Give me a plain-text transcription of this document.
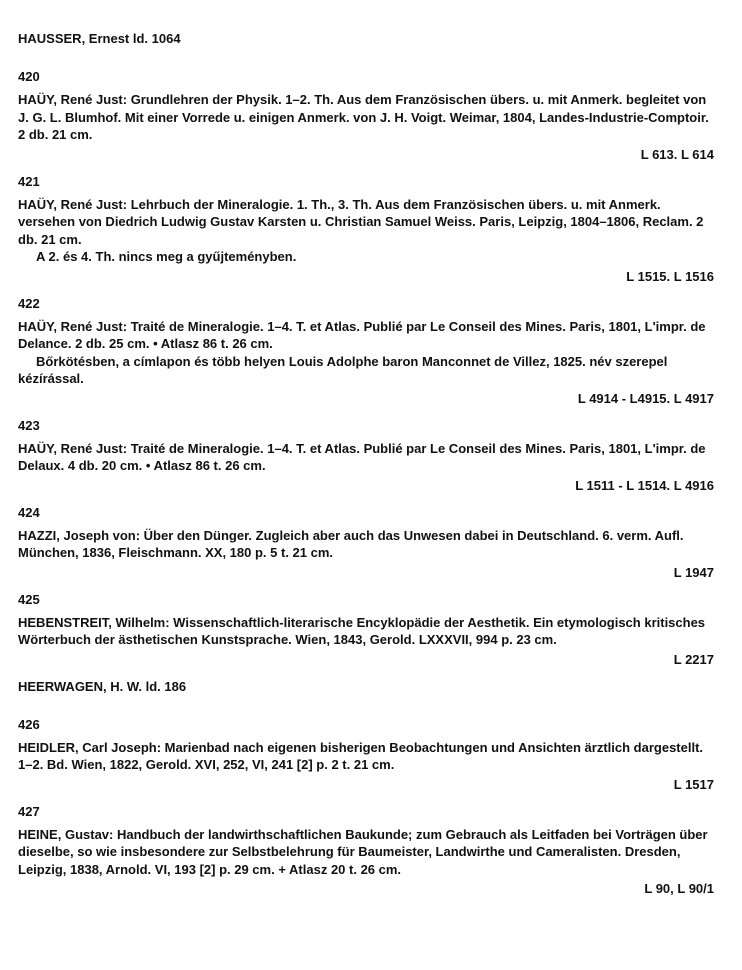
HAUSSER, Ernest ld. 1064
420
HAÜY, René Just: Grundlehren der Physik. 1–2. Th. Aus dem Französischen übers. u. mit Anmerk. begleitet von J. G. L. Blumhof. Mit einer Vorrede u. einigen Anmerk. von J. H. Voigt. Weimar, 1804, Landes-Industrie-Comptoir. 2 db. 21 cm.
L 613. L 614
421
HAÜY, René Just: Lehrbuch der Mineralogie. 1. Th., 3. Th. Aus dem Französischen übers. u. mit Anmerk. versehen von Diedrich Ludwig Gustav Karsten u. Christian Samuel Weiss. Paris, Leipzig, 1804–1806, Reclam. 2 db. 21 cm.
A 2. és 4. Th. nincs meg a gyűjteményben.
L 1515. L 1516
422
HAÜY, René Just: Traité de Mineralogie. 1–4. T. et Atlas. Publié par Le Conseil des Mines. Paris, 1801, L'impr. de Delance. 2 db. 25 cm. • Atlasz 86 t. 26 cm.
Bőrkötésben, a címlapon és több helyen Louis Adolphe baron Manconnet de Villez, 1825. név szerepel kézírással.
L 4914 - L4915. L 4917
423
HAÜY, René Just: Traité de Mineralogie. 1–4. T. et Atlas. Publié par Le Conseil des Mines. Paris, 1801, L'impr. de Delaux. 4 db. 20 cm. • Atlasz 86 t. 26 cm.
L 1511 - L 1514. L 4916
424
HAZZI, Joseph von: Über den Dünger. Zugleich aber auch das Unwesen dabei in Deutschland. 6. verm. Aufl. München, 1836, Fleischmann. XX, 180 p. 5 t. 21 cm.
L 1947
425
HEBENSTREIT, Wilhelm: Wissenschaftlich-literarische Encyklopädie der Aesthetik. Ein etymologisch kritisches Wörterbuch der ästhetischen Kunstsprache. Wien, 1843, Gerold. LXXXVII, 994 p. 23 cm.
L 2217
HEERWAGEN, H. W. ld. 186
426
HEIDLER, Carl Joseph: Marienbad nach eigenen bisherigen Beobachtungen und Ansichten ärztlich dargestellt. 1–2. Bd. Wien, 1822, Gerold. XVI, 252, VI, 241 [2] p. 2 t. 21 cm.
L 1517
427
HEINE, Gustav: Handbuch der landwirthschaftlichen Baukunde; zum Gebrauch als Leitfaden bei Vorträgen über dieselbe, so wie insbesondere zur Selbstbelehrung für Baumeister, Landwirthe und Cameralisten. Dresden, Leipzig, 1838, Arnold. VI, 193 [2] p. 29 cm. + Atlasz 20 t. 26 cm.
L 90, L 90/1
